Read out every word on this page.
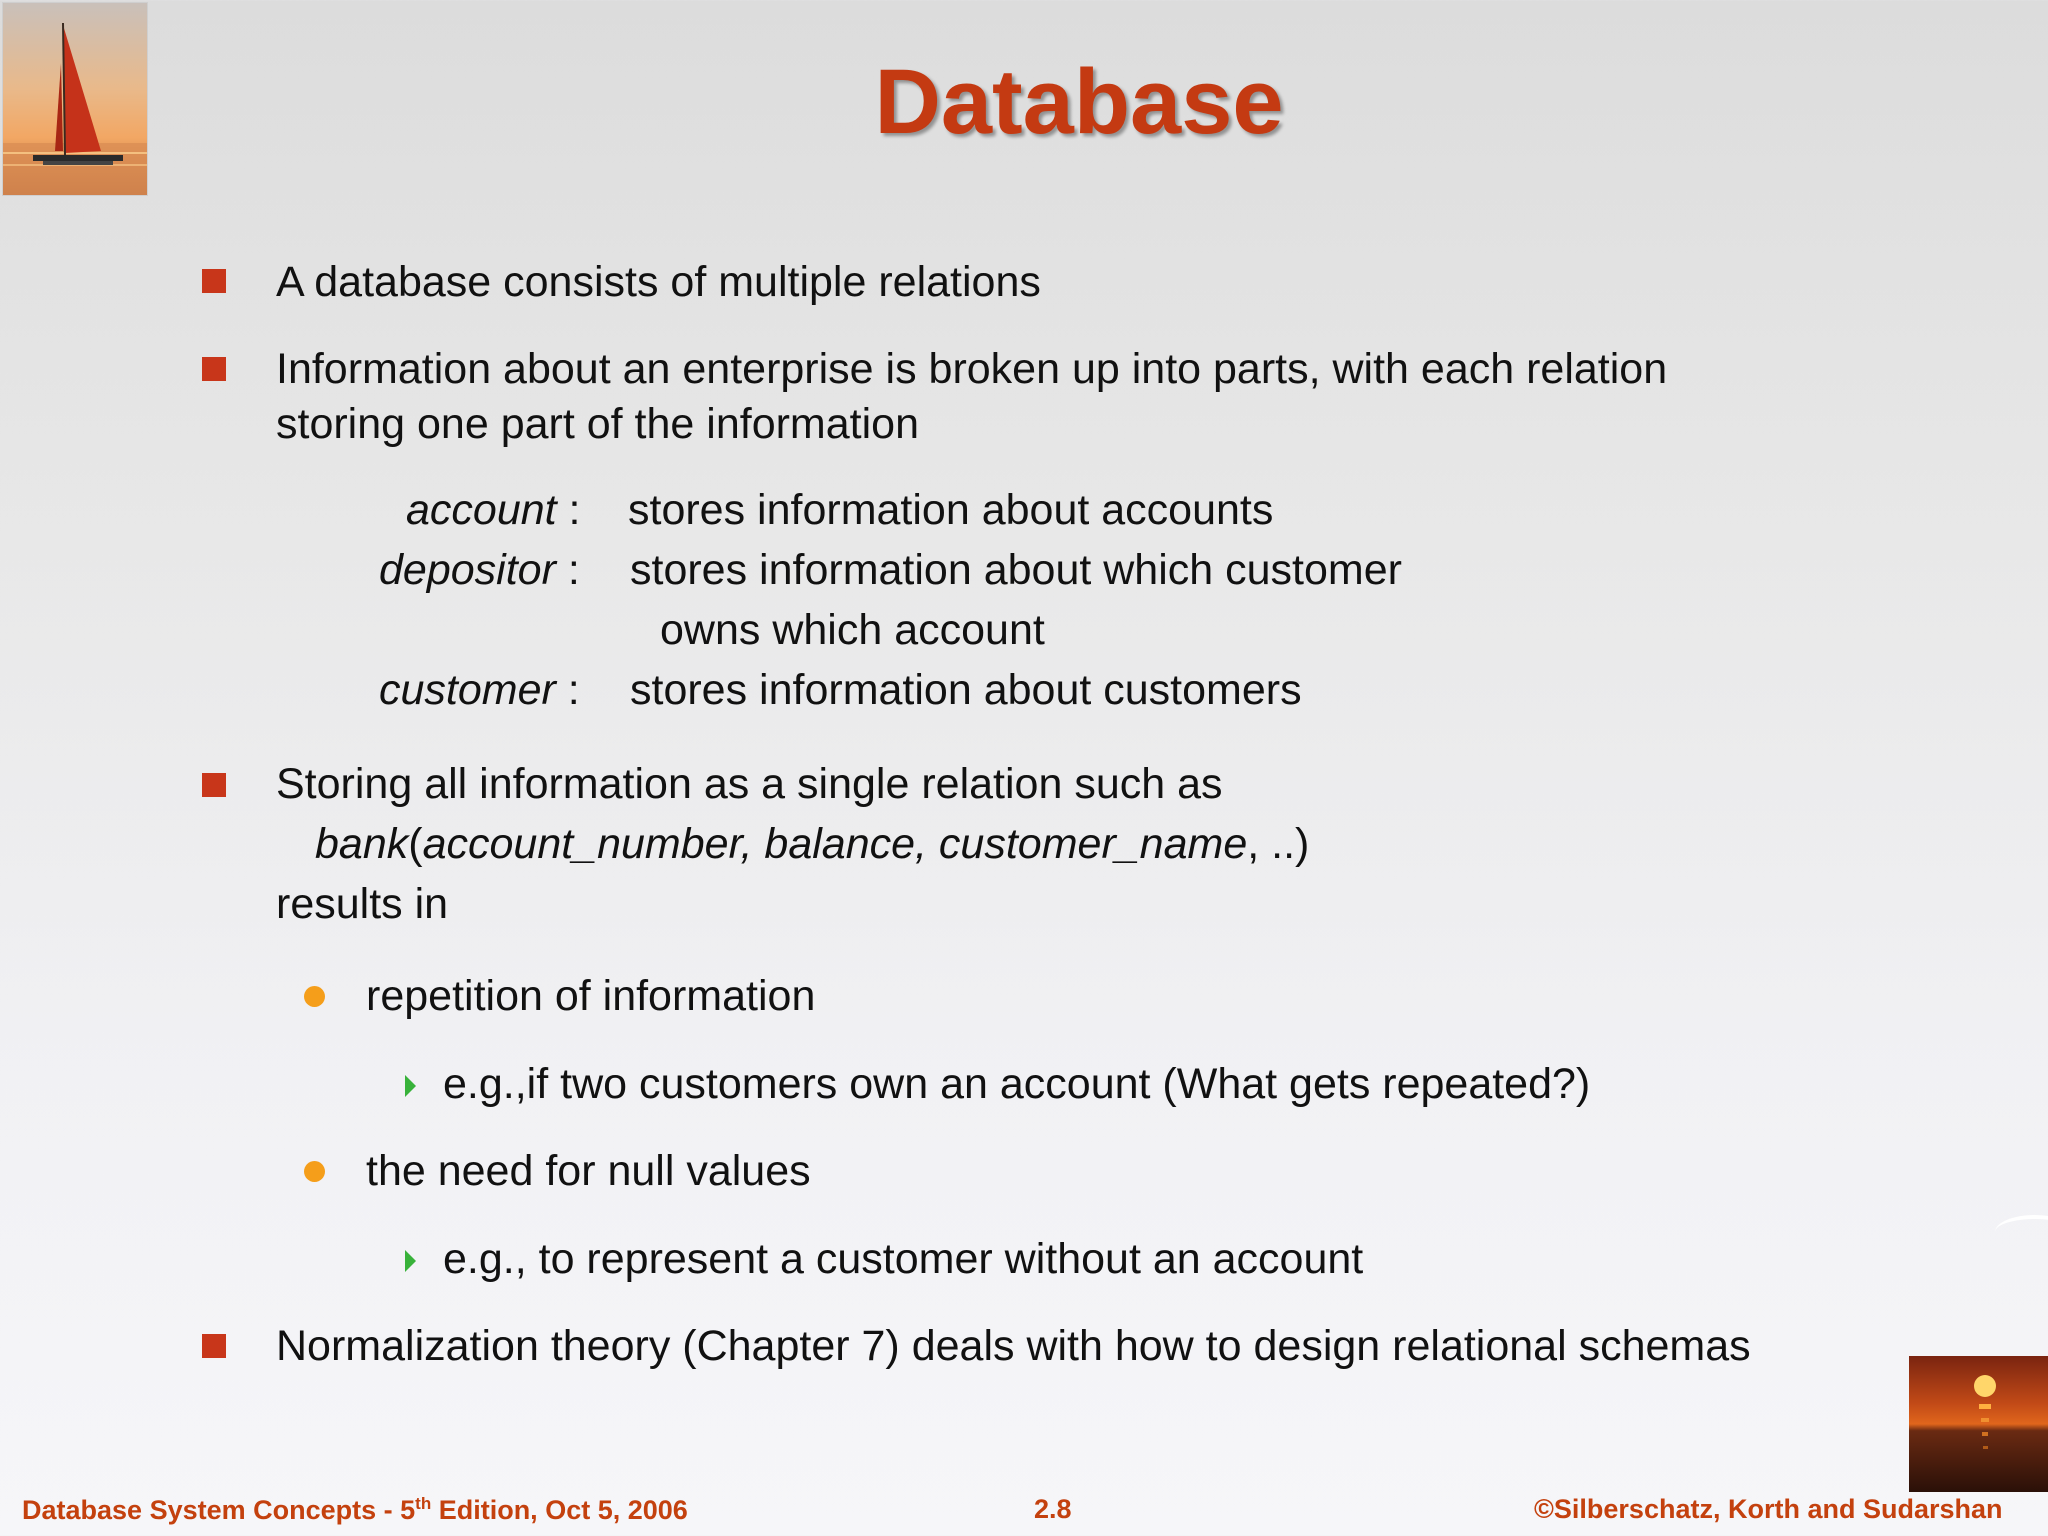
Database
A database consists of multiple relations
Information about an enterprise is broken up into parts, with each relation
storing one part of the information
account : stores information about accounts
depositor : stores information about which customer
owns which account
customer : stores information about customers
Storing all information as a single relation such as
bank(account_number, balance, customer_name, ..)
results in
repetition of information
e.g.,if two customers own an account (What gets repeated?)
the need for null values
e.g., to represent a customer without an account
Normalization theory (Chapter 7) deals with how to design relational schemas
Database System Concepts - 5th Edition, Oct 5, 2006	2.8	©Silberschatz, Korth and Sudarshan
